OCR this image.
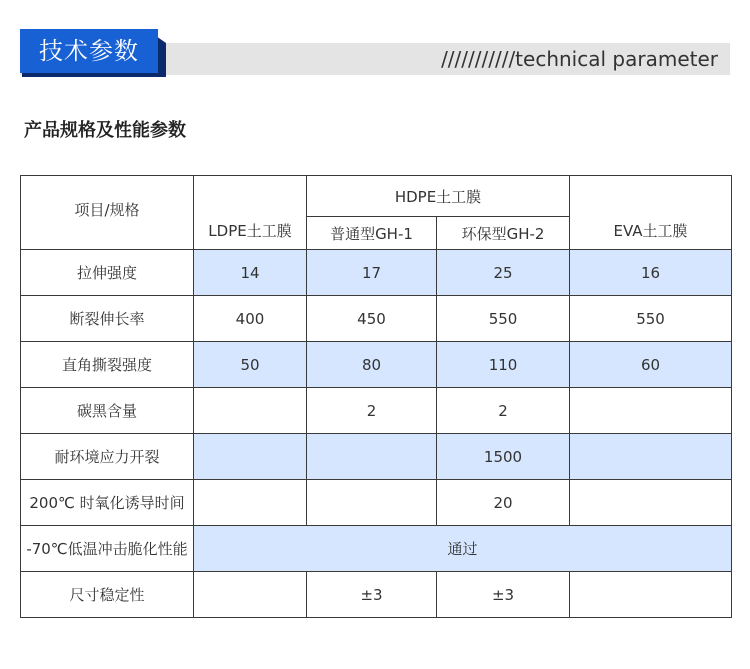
技术参数	///////////technical parameter
产品规格及性能参数
项目/规格	LDPE土工膜	HDPE土工膜		EVA土工膜
		普通型GH-1	环保型GH-2	
拉伸强度	14	17	25	16
断裂伸长率	400	450	550	550
直角撕裂强度	50	80	110	60
碳黑含量		2	2	
耐环境应力开裂			1500	
200℃ 时氧化诱导时间			20	
-70℃低温冲击脆化性能	通过			
尺寸稳定性		±3	±3	
